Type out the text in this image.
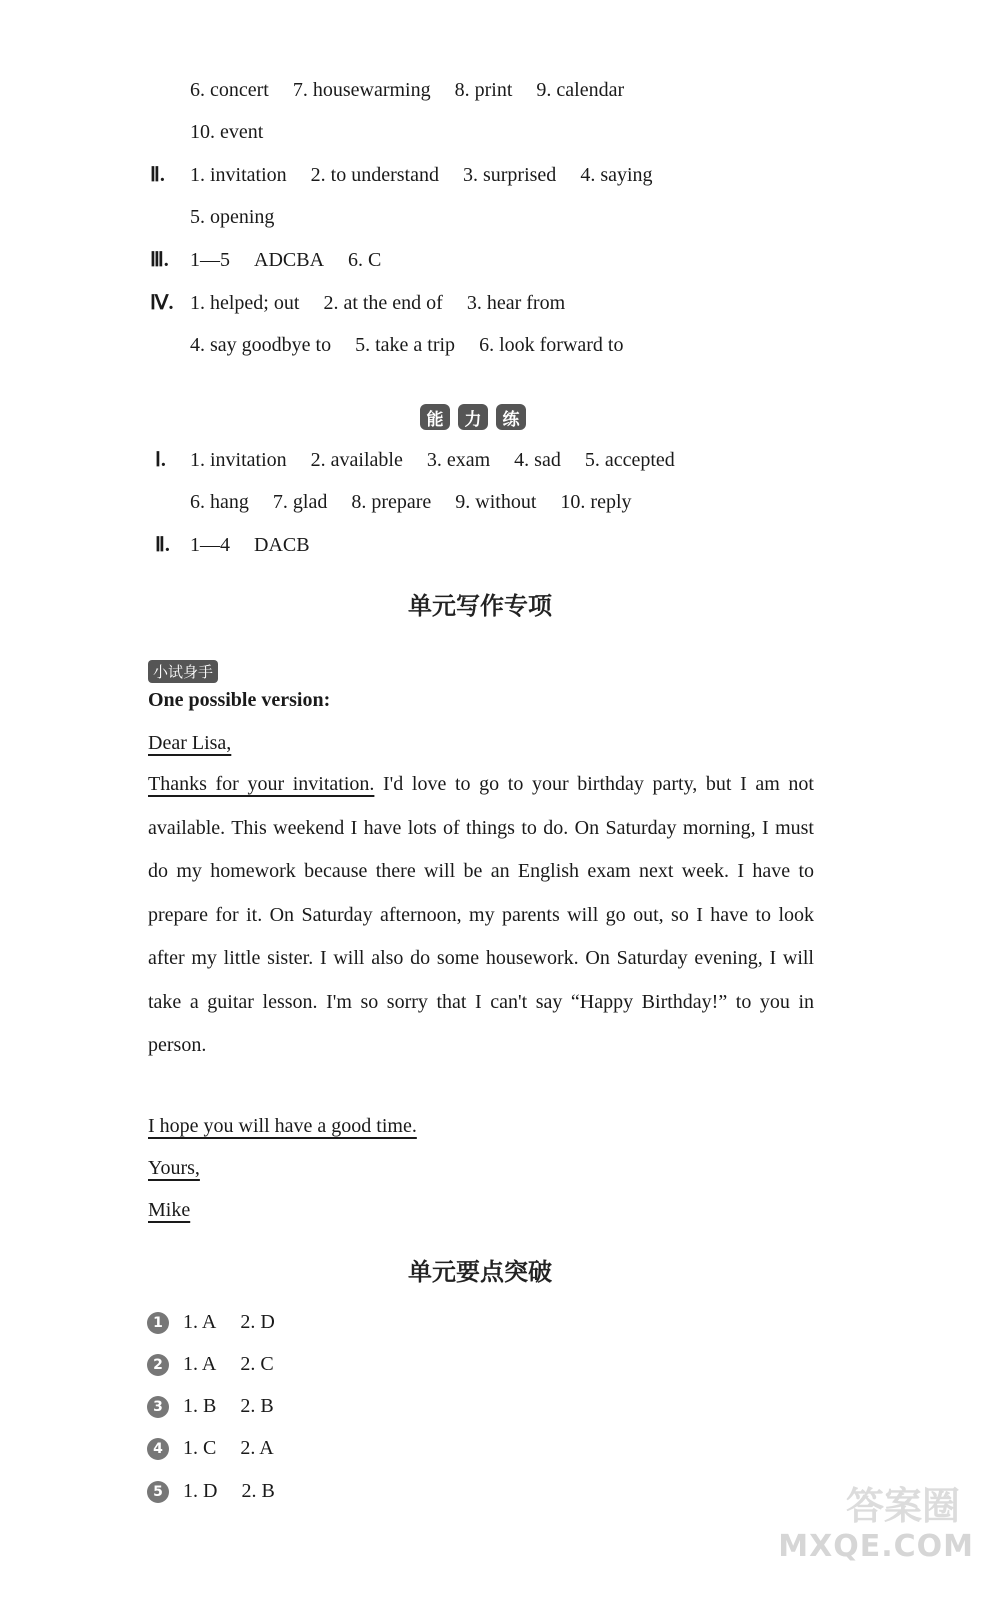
6. concert 7. housewarming 8. print 9. calendar
10. event
Ⅱ. 1. invitation 2. to understand 3. surprised 4. saying
5. opening
Ⅲ. 1—5 ADCBA 6. C
Ⅳ. 1. helped; out 2. at the end of 3. hear from
4. say goodbye to 5. take a trip 6. look forward to
能	力	练
Ⅰ. 1. invitation 2. available 3. exam 4. sad 5. accepted
6. hang 7. glad 8. prepare 9. without 10. reply
Ⅱ. 1—4 DACB
单元写作专项
小试身手
One possible version:
Dear Lisa,
Thanks for your invitation. I'd love to go to your birthday party, but I am not available. This weekend I have lots of things to do. On Saturday morning, I must do my homework because there will be an English exam next week. I have to prepare for it. On Saturday afternoon, my parents will go out, so I have to look after my little sister. I will also do some housework. On Saturday evening, I will take a guitar lesson. I'm so sorry that I can't say “Happy Birthday!” to you in person.
I hope you will have a good time.
Yours,
Mike
单元要点突破
1 1. A 2. D
2 1. A 2. C
3 1. B 2. B
4 1. C 2. A
5 1. D 2. B	答案圈
MXQE.COM
